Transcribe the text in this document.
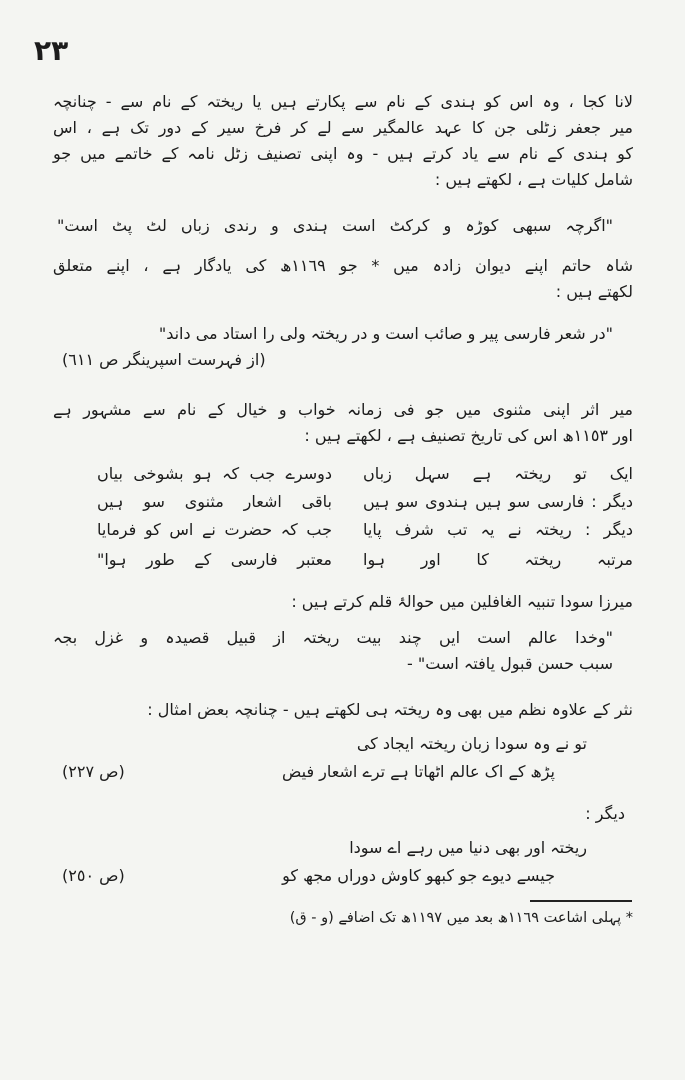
٢٣
لانا کجا ، وہ اس کو ہندی کے نام سے پکارتے ہیں یا ریختہ کے نام سے - چنانچہ
میر جعفر زٹلی جن کا عہد عالمگیر سے لے کر فرخ سیر کے دور تک ہے ، اس
کو ہندی کے نام سے یاد کرتے ہیں - وہ اپنی تصنیف زٹل نامہ کے خاتمے میں جو
شامل کلیات ہے ، لکھتے ہیں :
"اگرچہ سبھی کوڑہ و کرکٹ است ہندی و رندی زباں لٹ پٹ است"
شاہ حاتم اپنے دیوان زادہ میں * جو ١١٦٩ھ کی یادگار ہے ، اپنے متعلق
لکھتے ہیں :
"در شعر فارسی پیر و صائب است و در ریختہ ولی را استاد می داند"
(از فہرست اسپرینگر ص ٦١١)
میر اثر اپنی مثنوی میں جو فی زمانہ خواب و خیال کے نام سے مشہور ہے
اور ١١٥٣ھ اس کی تاریخ تصنیف ہے ، لکھتے ہیں :
ایک تو ریختہ ہے سہل زباں
دوسرے جب کہ ہو بشوخی بیاں
دیگر : فارسی سو ہیں ہندوی سو ہیں
باقی اشعار مثنوی سو ہیں
دیگر : ریختہ نے یہ تب شرف پایا
جب کہ حضرت نے اس کو فرمایا
مرتبہ ریختہ کا اور ہوا
معتبر فارسی کے طور ہوا"
میرزا سودا تنبیہ الغافلین میں حوالۂ قلم کرتے ہیں :
"وخدا عالم است ایں چند بیت ریختہ از قبیل قصیدہ و غزل بجہ
سبب حسن قبول یافتہ است" -
نثر کے علاوہ نظم میں بھی وہ ریختہ ہی لکھتے ہیں - چنانچہ بعض امثال :
تو نے وہ سودا زبان ریختہ ایجاد کی
پڑھ کے اک عالم اٹھاتا ہے ترے اشعار فیض
(ص ٢٢٧)
دیگر :
ریختہ اور بھی دنیا میں رہے اے سودا
جیسے دیوے جو کبھو کاوش دوراں مجھ کو
(ص ٢٥٠)
* پہلی اشاعت ١١٦٩ھ بعد میں ١١٩٧ھ تک اضافے (و - ق)
